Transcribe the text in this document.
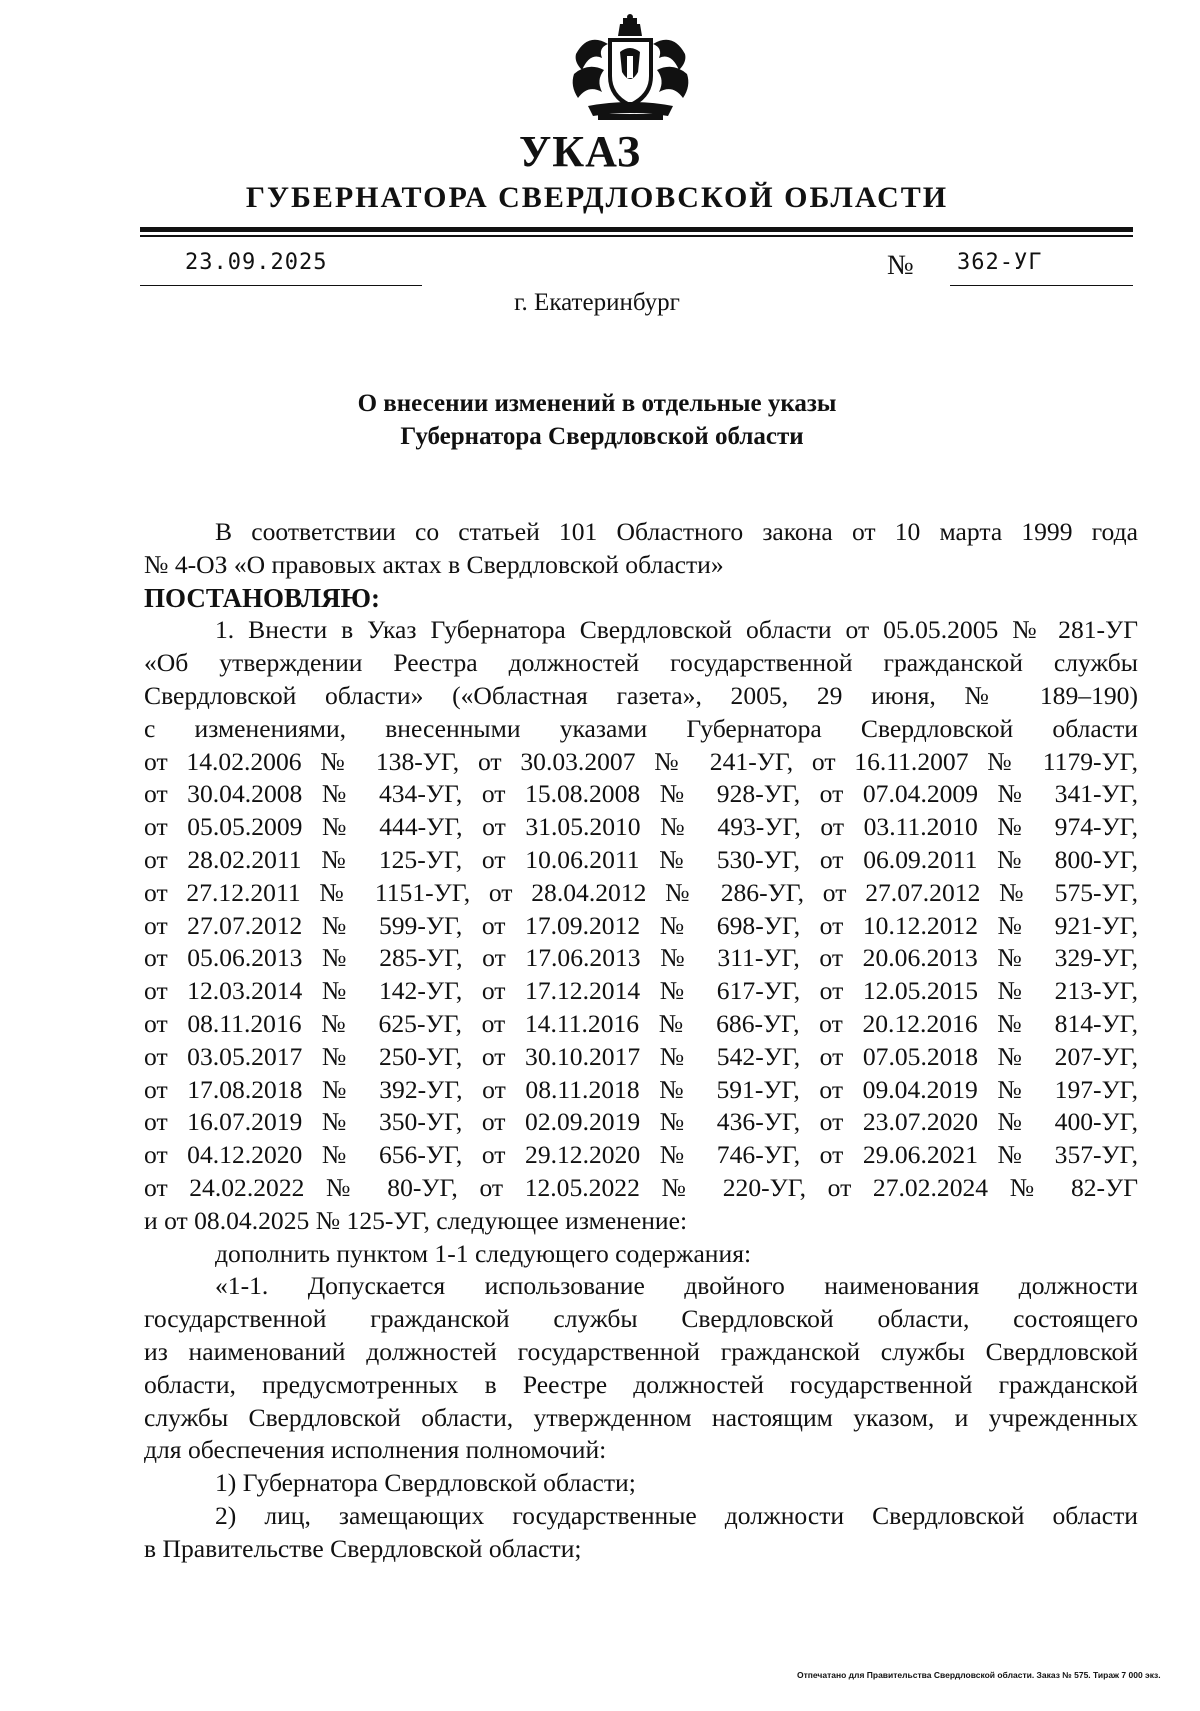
УКАЗ
ГУБЕРНАТОРА СВЕРДЛОВСКОЙ ОБЛАСТИ
23.09.2025	№ 362-УГ
г. Екатеринбург
О внесении изменений в отдельные указы
Губернатора Свердловской области
В соответствии со статьей 101 Областного закона от 10 марта 1999 года
№ 4-ОЗ «О правовых актах в Свердловской области»
ПОСТАНОВЛЯЮ:
1. Внести в Указ Губернатора Свердловской области от 05.05.2005 № 281-УГ
«Об утверждении Реестра должностей государственной гражданской службы
Свердловской области» («Областная газета», 2005, 29 июня, № 189–190)
с изменениями, внесенными указами Губернатора Свердловской области
от 14.02.2006 № 138-УГ, от 30.03.2007 № 241-УГ, от 16.11.2007 № 1179-УГ,
от 30.04.2008 № 434-УГ, от 15.08.2008 № 928-УГ, от 07.04.2009 № 341-УГ,
от 05.05.2009 № 444-УГ, от 31.05.2010 № 493-УГ, от 03.11.2010 № 974-УГ,
от 28.02.2011 № 125-УГ, от 10.06.2011 № 530-УГ, от 06.09.2011 № 800-УГ,
от 27.12.2011 № 1151-УГ, от 28.04.2012 № 286-УГ, от 27.07.2012 № 575-УГ,
от 27.07.2012 № 599-УГ, от 17.09.2012 № 698-УГ, от 10.12.2012 № 921-УГ,
от 05.06.2013 № 285-УГ, от 17.06.2013 № 311-УГ, от 20.06.2013 № 329-УГ,
от 12.03.2014 № 142-УГ, от 17.12.2014 № 617-УГ, от 12.05.2015 № 213-УГ,
от 08.11.2016 № 625-УГ, от 14.11.2016 № 686-УГ, от 20.12.2016 № 814-УГ,
от 03.05.2017 № 250-УГ, от 30.10.2017 № 542-УГ, от 07.05.2018 № 207-УГ,
от 17.08.2018 № 392-УГ, от 08.11.2018 № 591-УГ, от 09.04.2019 № 197-УГ,
от 16.07.2019 № 350-УГ, от 02.09.2019 № 436-УГ, от 23.07.2020 № 400-УГ,
от 04.12.2020 № 656-УГ, от 29.12.2020 № 746-УГ, от 29.06.2021 № 357-УГ,
от 24.02.2022 № 80-УГ, от 12.05.2022 № 220-УГ, от 27.02.2024 № 82-УГ
и от 08.04.2025 № 125-УГ, следующее изменение:
дополнить пунктом 1-1 следующего содержания:
«1-1. Допускается использование двойного наименования должности
государственной гражданской службы Свердловской области, состоящего
из наименований должностей государственной гражданской службы Свердловской
области, предусмотренных в Реестре должностей государственной гражданской
службы Свердловской области, утвержденном настоящим указом, и учрежденных
для обеспечения исполнения полномочий:
1) Губернатора Свердловской области;
2) лиц, замещающих государственные должности Свердловской области
в Правительстве Свердловской области;
Отпечатано для Правительства Свердловской области. Заказ № 575. Тираж 7 000 экз.
